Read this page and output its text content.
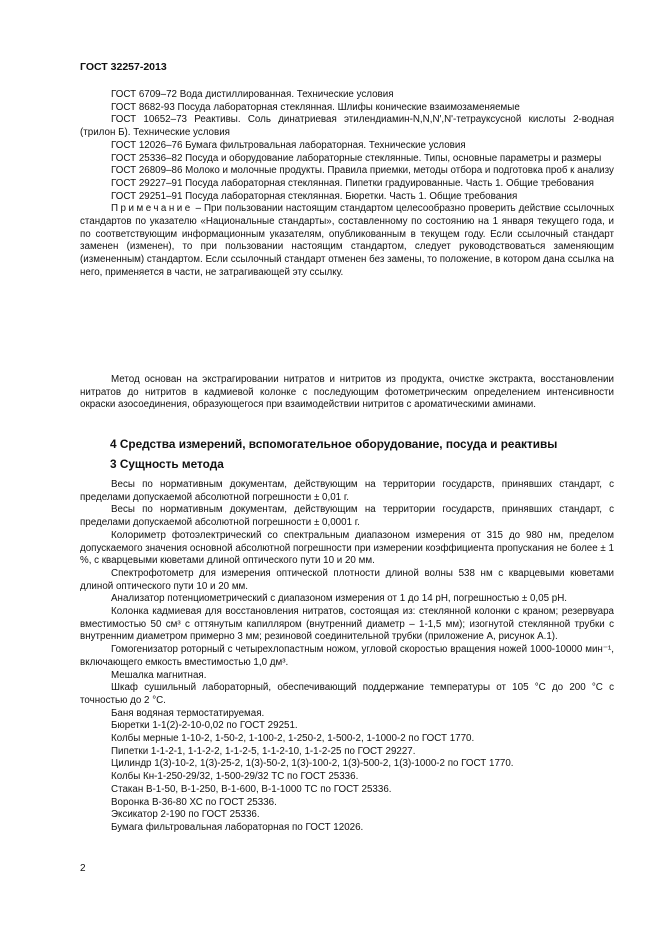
ГОСТ 32257-2013

ГОСТ 6709–72 Вода дистиллированная. Технические условия

ГОСТ 8682-93 Посуда лабораторная стеклянная. Шлифы конические взаимозаменяемые

ГОСТ 10652–73 Реактивы. Соль динатриевая этилендиамин-N,N,N',N'-тетрауксусной кислоты 2-водная (трилон Б). Технические условия

ГОСТ 12026–76 Бумага фильтровальная лабораторная. Технические условия

ГОСТ 25336–82 Посуда и оборудование лабораторные стеклянные. Типы, основные параметры и размеры

ГОСТ 26809–86 Молоко и молочные продукты. Правила приемки, методы отбора и подготовка проб к анализу

ГОСТ 29227–91 Посуда лабораторная стеклянная. Пипетки градуированные. Часть 1. Общие требования

ГОСТ 29251–91 Посуда лабораторная стеклянная. Бюретки. Часть 1. Общие требования

Примечание – При пользовании настоящим стандартом целесообразно проверить действие ссылочных стандартов по указателю «Национальные стандарты», составленному по состоянию на 1 января текущего года, и по соответствующим информационным указателям, опубликованным в текущем году. Если ссылочный стандарт заменен (изменен), то при пользовании настоящим стандартом, следует руководствоваться заменяющим (измененным) стандартом. Если ссылочный стандарт отменен без замены, то положение, в котором дана ссылка на него, применяется в части, не затрагивающей эту ссылку.

3 Сущность метода

Метод основан на экстрагировании нитратов и нитритов из продукта, очистке экстракта, восстановлении нитратов до нитритов в кадмиевой колонке с последующим фотометрическим определением интенсивности окраски азосоединения, образующегося при взаимодействии нитритов с ароматическими аминами.

4 Средства измерений, вспомогательное оборудование, посуда и реактивы

Весы по нормативным документам, действующим на территории государств, принявших стандарт, с пределами допускаемой абсолютной погрешности ± 0,01 г.

Весы по нормативным документам, действующим на территории государств, принявших стандарт, с пределами допускаемой абсолютной погрешности ± 0,0001 г.

Колориметр фотоэлектрический со спектральным диапазоном измерения от 315 до 980 нм, пределом допускаемого значения основной абсолютной погрешности при измерении коэффициента пропускания не более ± 1 %, с кварцевыми кюветами длиной оптического пути 10 и 20 мм.

Спектрофотометр для измерения оптической плотности длиной волны 538 нм с кварцевыми кюветами длиной оптического пути 10 и 20 мм.

Анализатор потенциометрический с диапазоном измерения от 1 до 14 рН, погрешностью ± 0,05 рН.

Колонка кадмиевая для восстановления нитратов, состоящая из: стеклянной колонки с краном; резервуара вместимостью 50 см³ с оттянутым капилляром (внутренний диаметр – 1-1,5 мм); изогнутой стеклянной трубки с внутренним диаметром примерно 3 мм; резиновой соединительной трубки (приложение А, рисунок А.1).

Гомогенизатор роторный с четырехлопастным ножом, угловой скоростью вращения ножей 1000-10000 мин⁻¹, включающего емкость вместимостью 1,0 дм³.

Мешалка магнитная.

Шкаф сушильный лабораторный, обеспечивающий поддержание температуры от 105 °С до 200 °С с точностью до 2 °С.

Баня водяная термостатируемая.

Бюретки 1-1(2)-2-10-0,02 по ГОСТ 29251.

Колбы мерные 1-10-2, 1-50-2, 1-100-2, 1-250-2, 1-500-2, 1-1000-2 по ГОСТ 1770.

Пипетки 1-1-2-1, 1-1-2-2, 1-1-2-5, 1-1-2-10, 1-1-2-25 по ГОСТ 29227.

Цилиндр 1(3)-10-2, 1(3)-25-2, 1(3)-50-2, 1(3)-100-2, 1(3)-500-2, 1(3)-1000-2 по ГОСТ 1770.

Колбы Кн-1-250-29/32, 1-500-29/32 ТС по ГОСТ 25336.

Стакан В-1-50, В-1-250, В-1-600, В-1-1000 ТС по ГОСТ 25336.

Воронка В-36-80 ХС по ГОСТ 25336.

Эксикатор 2-190 по ГОСТ 25336.

Бумага фильтровальная лабораторная по ГОСТ 12026.

2
